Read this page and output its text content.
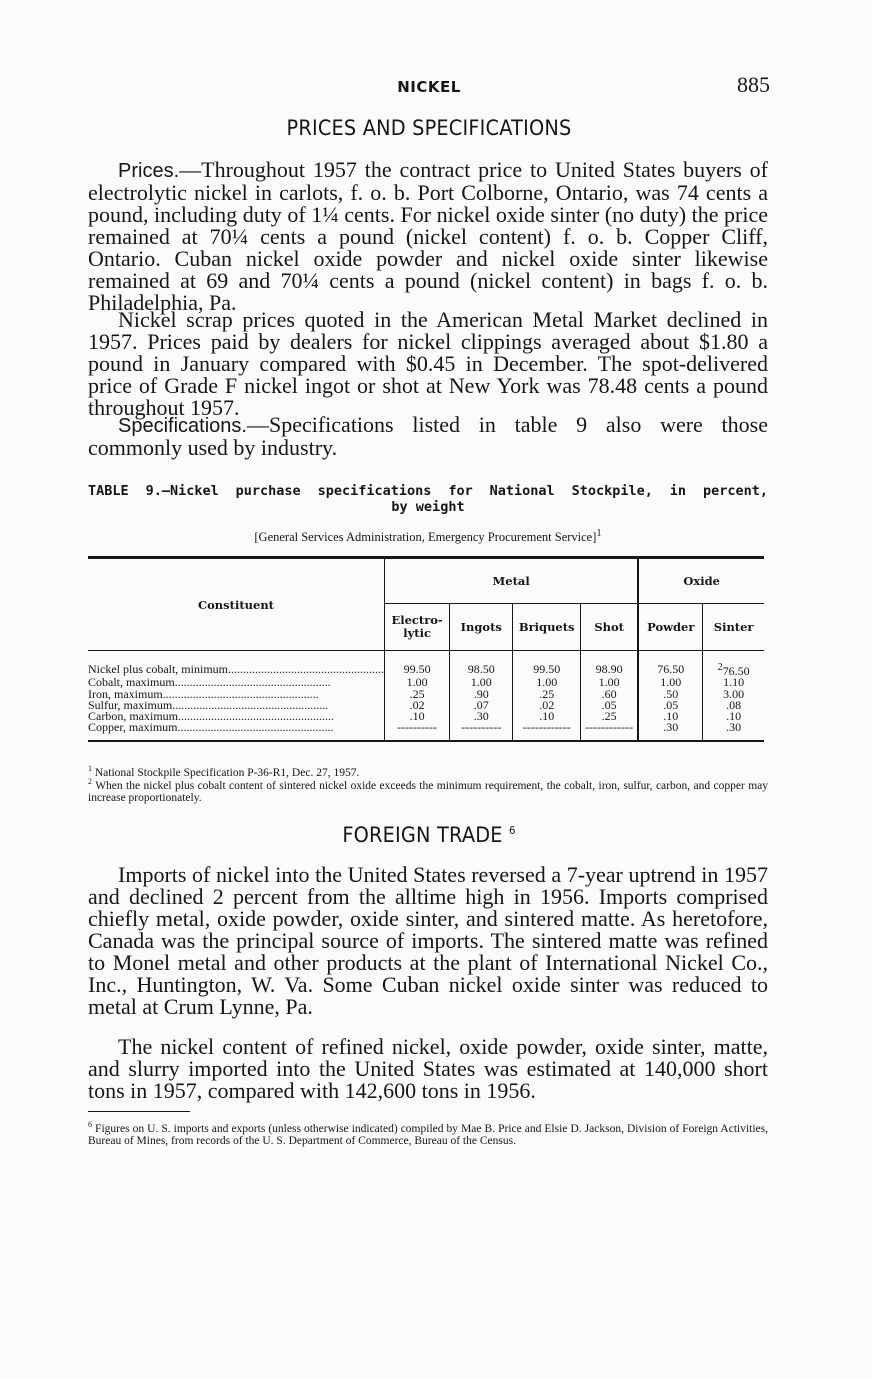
NICKEL	885
PRICES AND SPECIFICATIONS

Prices.—Throughout 1957 the contract price to United States buyers of electrolytic nickel in carlots, f. o. b. Port Colborne, Ontario, was 74 cents a pound, including duty of 1¼ cents. For nickel oxide sinter (no duty) the price remained at 70¼ cents a pound (nickel content) f. o. b. Copper Cliff, Ontario. Cuban nickel oxide powder and nickel oxide sinter likewise remained at 69 and 70¼ cents a pound (nickel content) in bags f. o. b. Philadelphia, Pa.

Nickel scrap prices quoted in the American Metal Market declined in 1957. Prices paid by dealers for nickel clippings averaged about $1.80 a pound in January compared with $0.45 in December. The spot-delivered price of Grade F nickel ingot or shot at New York was 78.48 cents a pound throughout 1957.

Specifications.—Specifications listed in table 9 also were those commonly used by industry.

TABLE 9.—Nickel purchase specifications for National Stockpile, in percent,
by weight
[General Services Administration, Emergency Procurement Service]$^1$
Constituent	Metal				Oxide	
	Electro-
lytic	Ingots	Briquets	Shot	Powder	Sinter
Nickel plus cobalt, minimum....................................................	99.50	98.50	99.50	98.90	76.50	$^2$76.50
Cobalt, maximum....................................................	1.00	1.00	1.00	1.00	1.00	1.10
Iron, maximum....................................................	.25	.90	.25	.60	.50	3.00
Sulfur, maximum....................................................	.02	.07	.02	.05	.05	.08
Carbon, maximum....................................................	.10	.30	.10	.25	.10	.10
Copper, maximum....................................................	----------	----------	------------	------------	.30	.30

$^1$ National Stockpile Specification P-36-R1, Dec. 27, 1957.

$^2$ When the nickel plus cobalt content of sintered nickel oxide exceeds the minimum requirement, the cobalt, iron, sulfur, carbon, and copper may increase proportionately.

FOREIGN TRADE $^6$

Imports of nickel into the United States reversed a 7-year uptrend in 1957 and declined 2 percent from the alltime high in 1956. Imports comprised chiefly metal, oxide powder, oxide sinter, and sintered matte. As heretofore, Canada was the principal source of imports. The sintered matte was refined to Monel metal and other products at the plant of International Nickel Co., Inc., Huntington, W. Va. Some Cuban nickel oxide sinter was reduced to metal at Crum Lynne, Pa.

The nickel content of refined nickel, oxide powder, oxide sinter, matte, and slurry imported into the United States was estimated at 140,000 short tons in 1957, compared with 142,600 tons in 1956.

$^6$ Figures on U. S. imports and exports (unless otherwise indicated) compiled by Mae B. Price and Elsie D. Jackson, Division of Foreign Activities, Bureau of Mines, from records of the U. S. Department of Commerce, Bureau of the Census.
